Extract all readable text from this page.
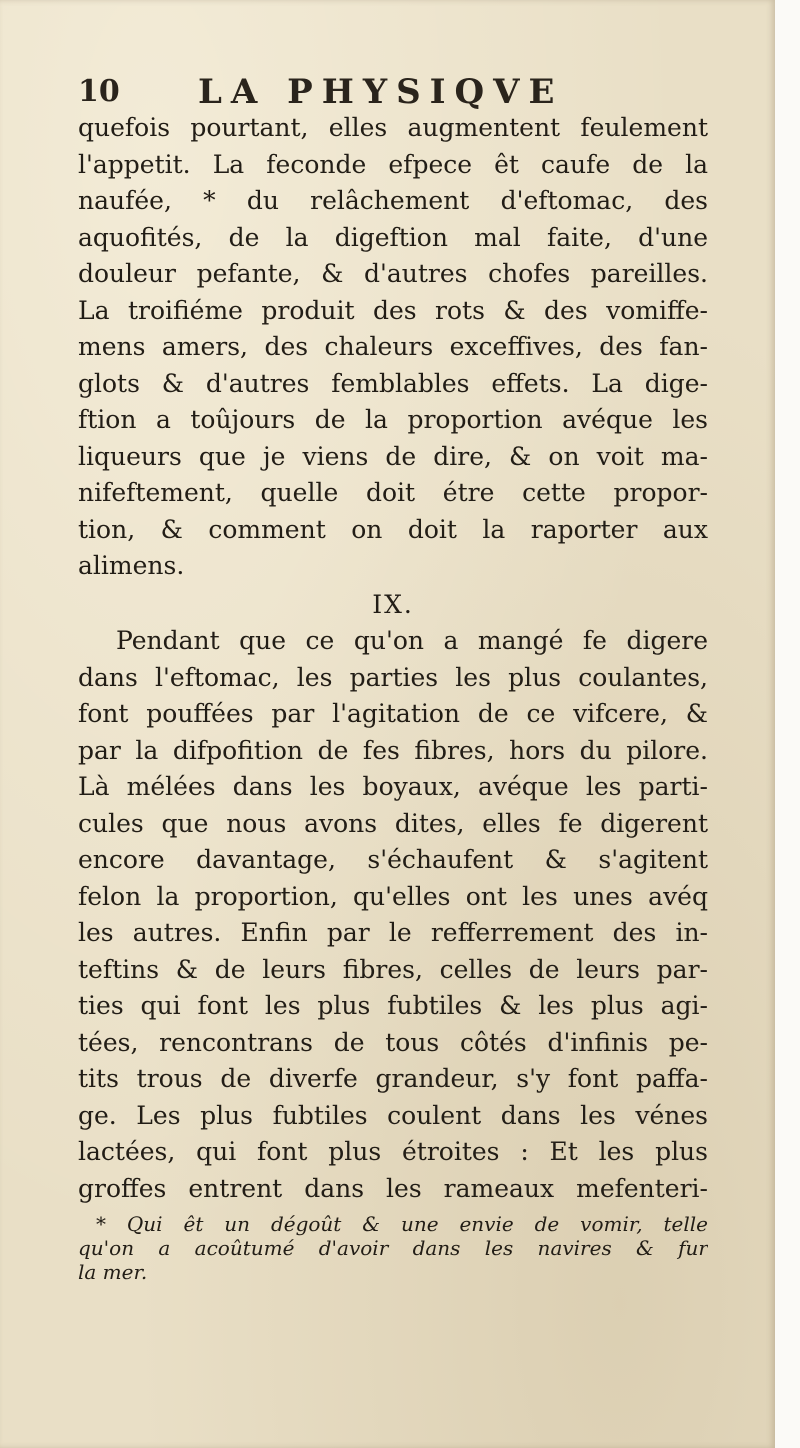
10 LA PHYSIQVE
quefois pourtant, elles augmentent feulement
l'appetit. La feconde efpece êt caufe de la
naufée, * du relâchement d'eftomac, des
aquofités, de la digeftion mal faite, d'une
douleur pefante, & d'autres chofes pareilles.
La troifiéme produit des rots & des vomiffe-
mens amers, des chaleurs exceffives, des fan-
glots & d'autres femblables effets. La dige-
ftion a toûjours de la proportion avéque les
liqueurs que je viens de dire, & on voit ma-
nifeftement, quelle doit étre cette propor-
tion, & comment on doit la raporter aux
alimens.
IX.
Pendant que ce qu'on a mangé fe digere
dans l'eftomac, les parties les plus coulantes,
font pouffées par l'agitation de ce vifcere, &
par la difpofition de fes fibres, hors du pilore.
Là mélées dans les boyaux, avéque les parti-
cules que nous avons dites, elles fe digerent
encore davantage, s'échaufent & s'agitent
felon la proportion, qu'elles ont les unes avéq
les autres. Enfin par le refferrement des in-
teftins & de leurs fibres, celles de leurs par-
ties qui font les plus fubtiles & les plus agi-
tées, rencontrans de tous côtés d'infinis pe-
tits trous de diverfe grandeur, s'y font paffa-
ge. Les plus fubtiles coulent dans les vénes
lactées, qui font plus étroites : Et les plus
groffes entrent dans les rameaux mefenteri-
* Qui êt un dégoût & une envie de vomir, telle
qu'on a acoûtumé d'avoir dans les navires & fur
la mer.
